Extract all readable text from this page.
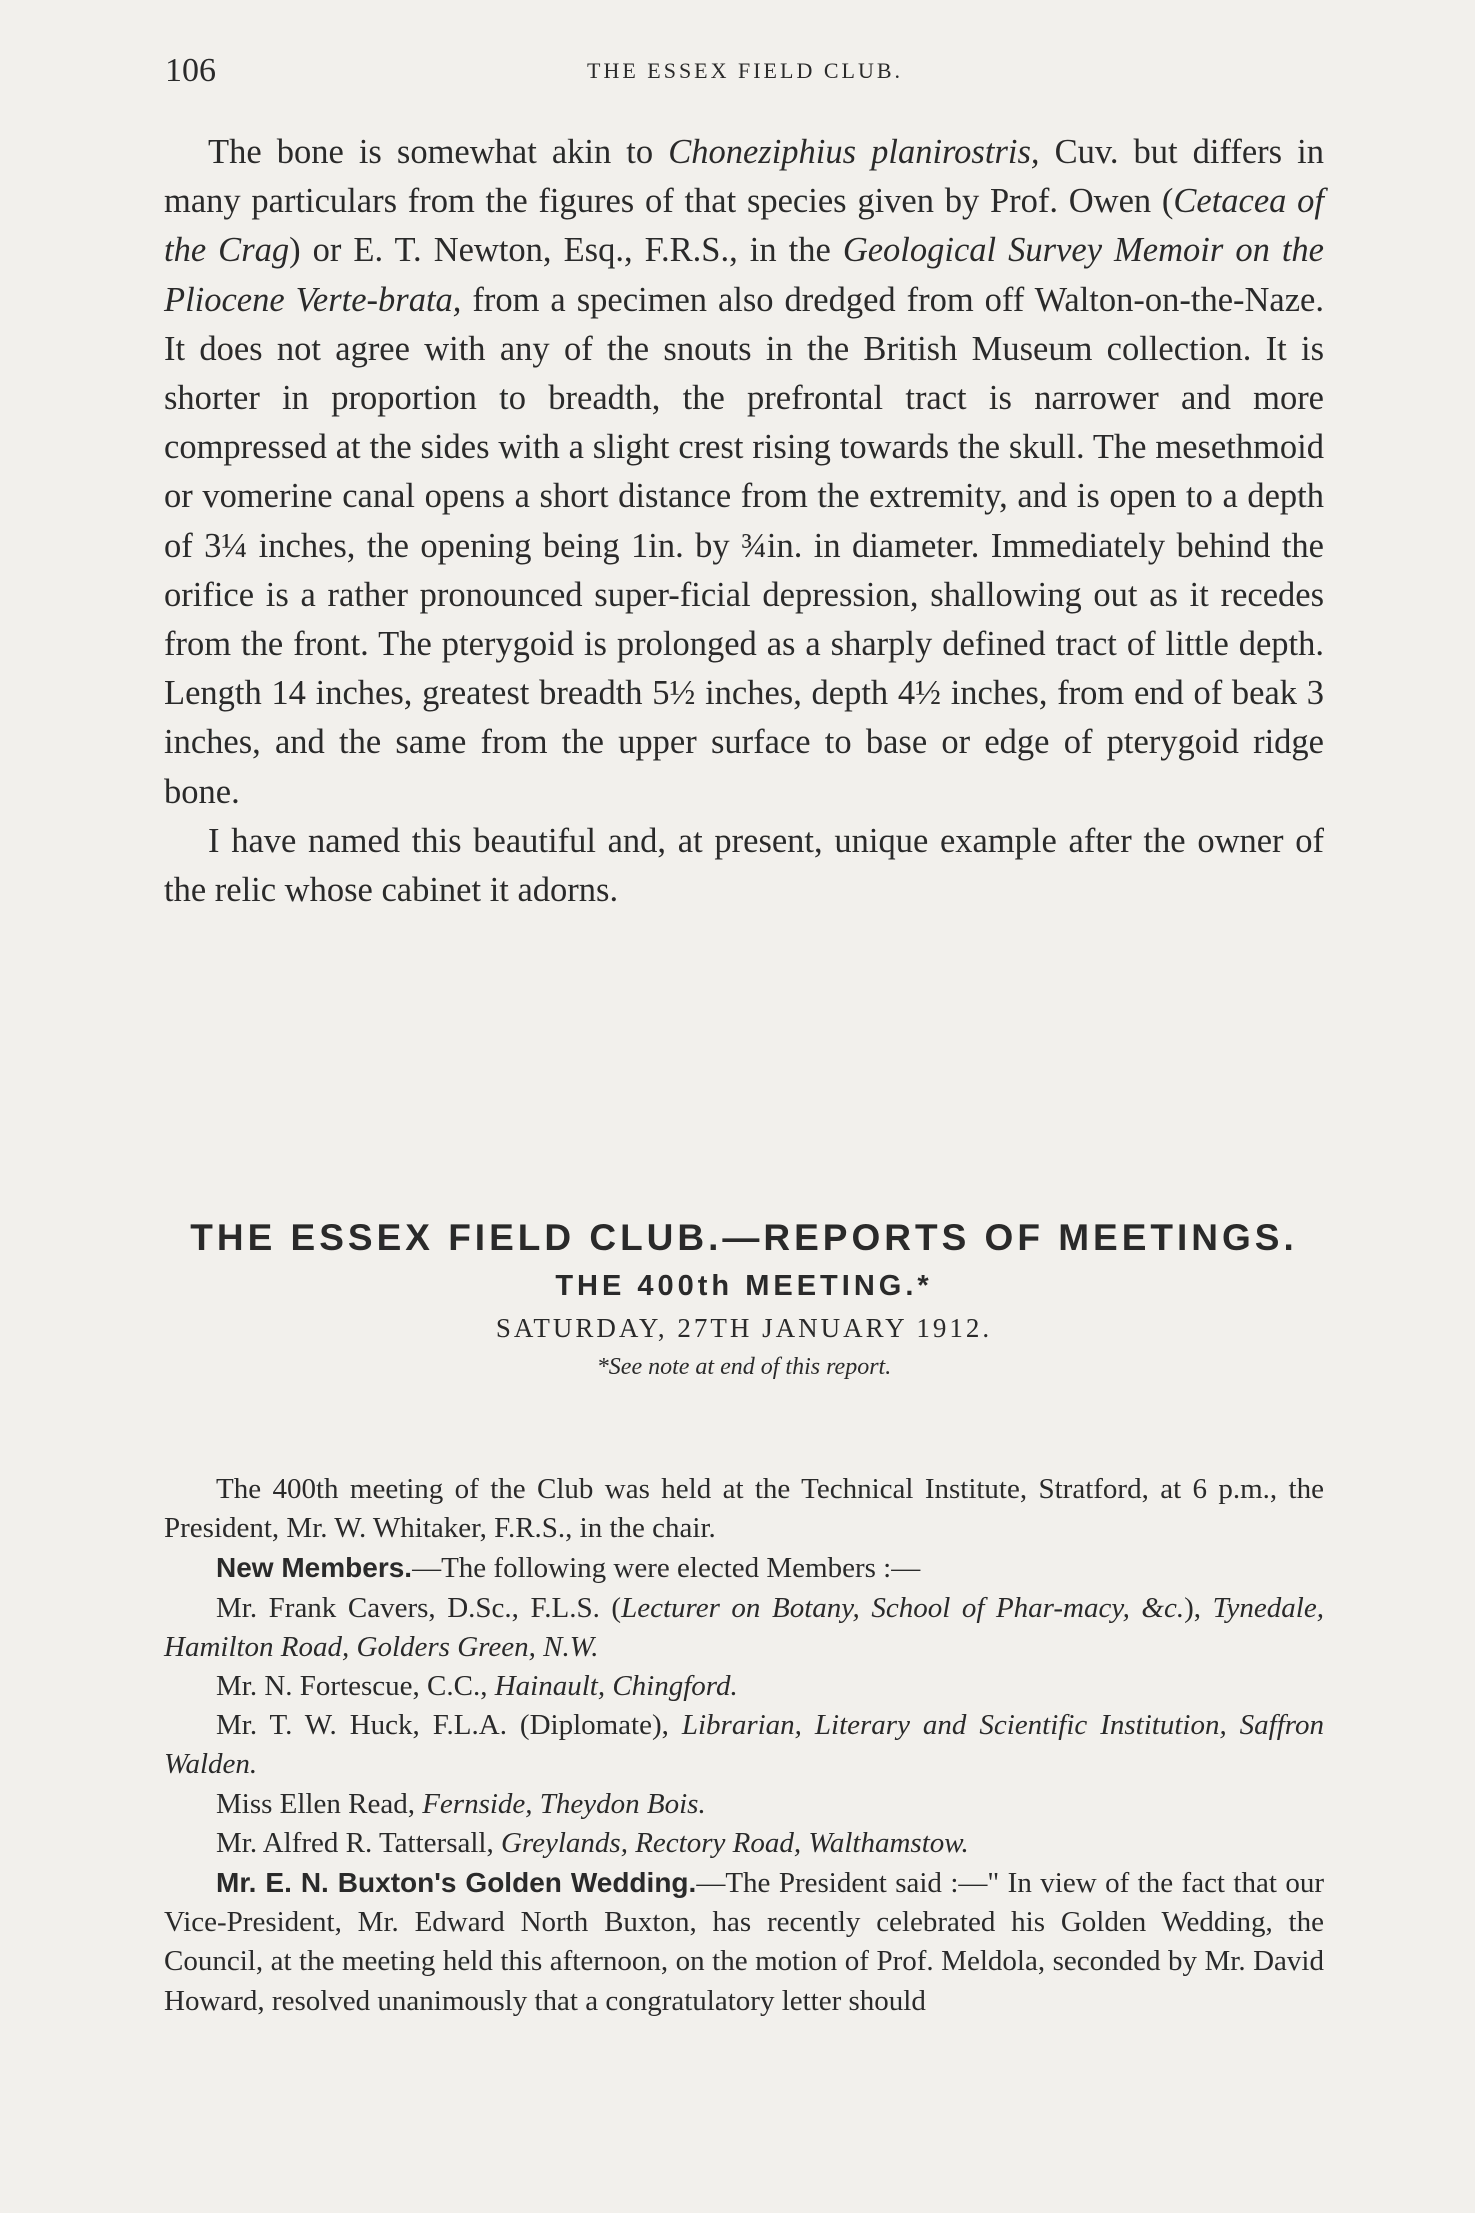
106	THE ESSEX FIELD CLUB.

The bone is somewhat akin to Choneziphius planirostris, Cuv. but differs in many particulars from the figures of that species given by Prof. Owen (Cetacea of the Crag) or E. T. Newton, Esq., F.R.S., in the Geological Survey Memoir on the Pliocene Verte-brata, from a specimen also dredged from off Walton-on-the-Naze. It does not agree with any of the snouts in the British Museum collection. It is shorter in proportion to breadth, the prefrontal tract is narrower and more compressed at the sides with a slight crest rising towards the skull. The mesethmoid or vomerine canal opens a short distance from the extremity, and is open to a depth of 3¼ inches, the opening being 1in. by ¾in. in diameter. Immediately behind the orifice is a rather pronounced super-ficial depression, shallowing out as it recedes from the front. The pterygoid is prolonged as a sharply defined tract of little depth. Length 14 inches, greatest breadth 5½ inches, depth 4½ inches, from end of beak 3 inches, and the same from the upper surface to base or edge of pterygoid ridge bone.

I have named this beautiful and, at present, unique example after the owner of the relic whose cabinet it adorns.

THE ESSEX FIELD CLUB.—REPORTS OF MEETINGS.

THE 400th MEETING.*

SATURDAY, 27TH JANUARY 1912.

*See note at end of this report.

The 400th meeting of the Club was held at the Technical Institute, Stratford, at 6 p.m., the President, Mr. W. Whitaker, F.R.S., in the chair.

New Members.—The following were elected Members :—

Mr. Frank Cavers, D.Sc., F.L.S. (Lecturer on Botany, School of Phar-macy, &c.), Tynedale, Hamilton Road, Golders Green, N.W.

Mr. N. Fortescue, C.C., Hainault, Chingford.

Mr. T. W. Huck, F.L.A. (Diplomate), Librarian, Literary and Scientific Institution, Saffron Walden.

Miss Ellen Read, Fernside, Theydon Bois.

Mr. Alfred R. Tattersall, Greylands, Rectory Road, Walthamstow.

Mr. E. N. Buxton's Golden Wedding.—The President said :—" In view of the fact that our Vice-President, Mr. Edward North Buxton, has recently celebrated his Golden Wedding, the Council, at the meeting held this afternoon, on the motion of Prof. Meldola, seconded by Mr. David Howard, resolved unanimously that a congratulatory letter should
